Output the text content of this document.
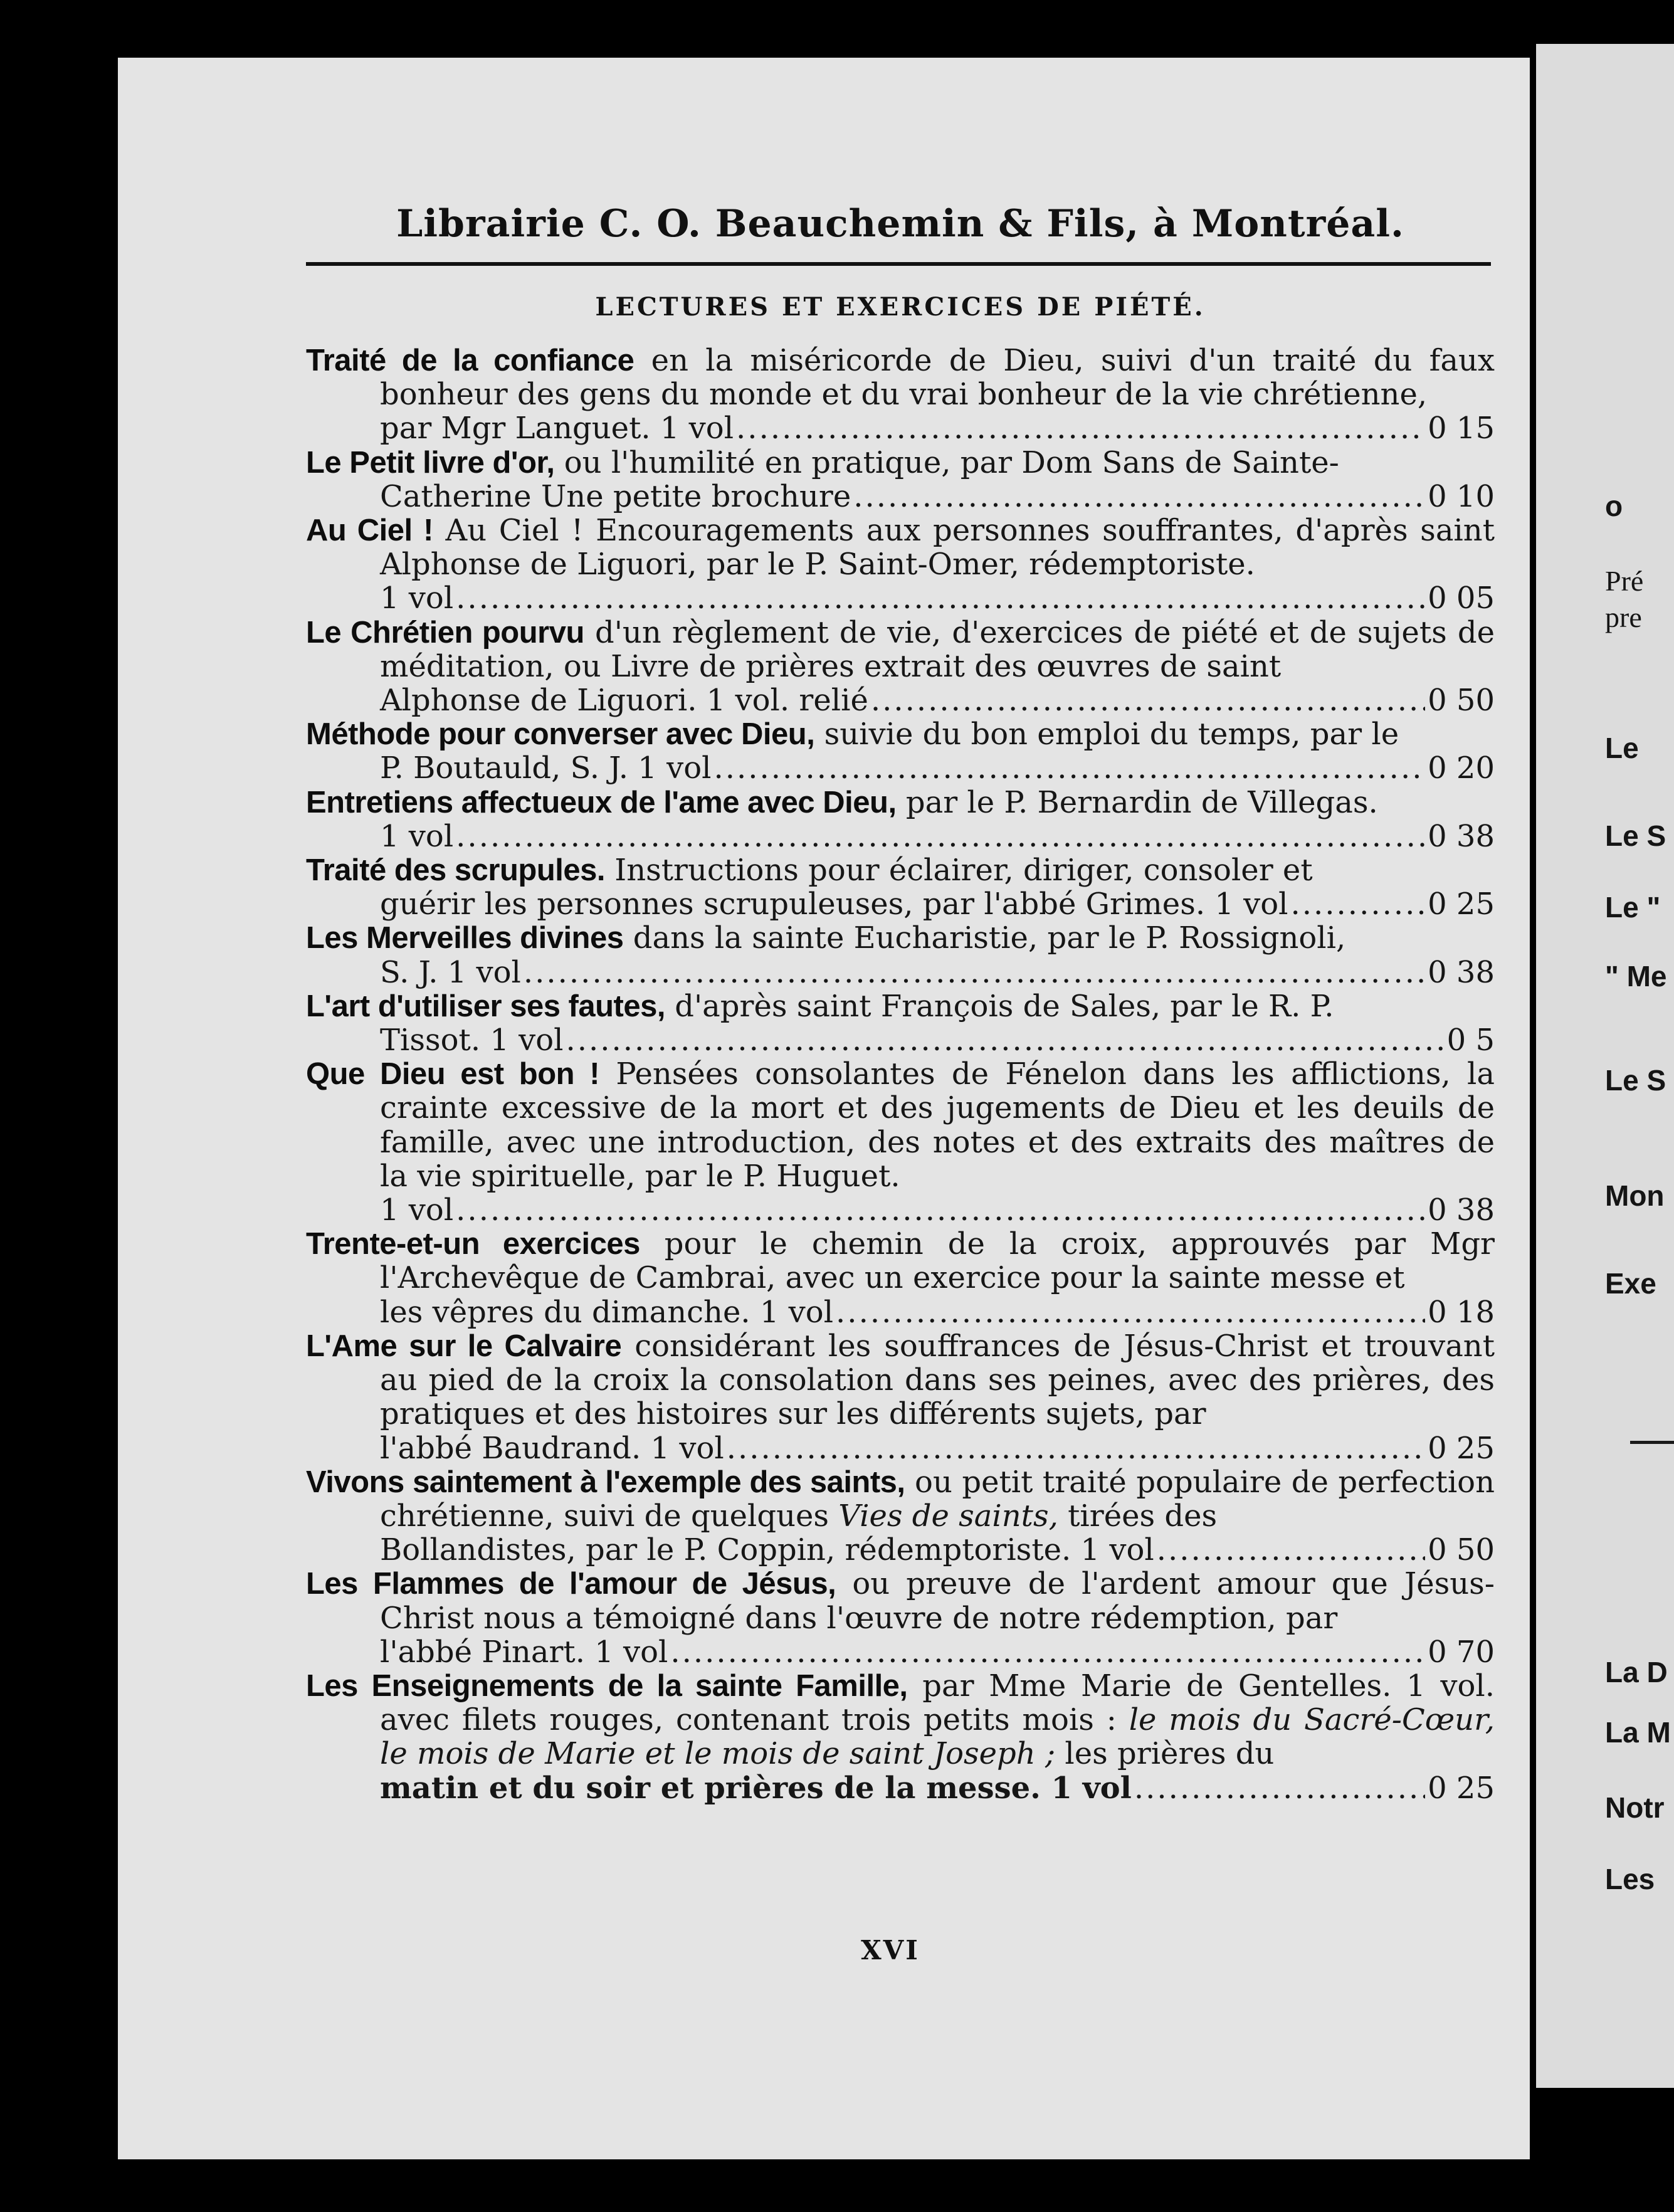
o
Pré
pre
Le
Le S
Le "
" Me
Le S
Mon
Exe
La D
La M
Notr
Les
Librairie C. O. Beauchemin & Fils, à Montréal.
LECTURES ET EXERCICES DE PIÉTÉ.
Traité de la confiance en la miséricorde de Dieu, suivi d'un traité du faux bonheur des gens du monde et du vrai bonheur de la vie chrétienne,
par Mgr Languet. 1 vol .....	0 15
Le Petit livre d'or, ou l'humilité en pratique, par Dom Sans de Sainte-
Catherine Une petite brochure .....	0 10
Au Ciel ! Au Ciel ! Encouragements aux personnes souffrantes, d'après saint Alphonse de Liguori, par le P. Saint-Omer, rédemptoriste.
1 vol .....	0 05
Le Chrétien pourvu d'un règlement de vie, d'exercices de piété et de sujets de méditation, ou Livre de prières extrait des œuvres de saint
Alphonse de Liguori. 1 vol. relié .....	0 50
Méthode pour converser avec Dieu, suivie du bon emploi du temps, par le
P. Boutauld, S. J. 1 vol .....	0 20
Entretiens affectueux de l'ame avec Dieu, par le P. Bernardin de Villegas.
1 vol .....	0 38
Traité des scrupules. Instructions pour éclairer, diriger, consoler et
guérir les personnes scrupuleuses, par l'abbé Grimes. 1 vol .....	0 25
Les Merveilles divines dans la sainte Eucharistie, par le P. Rossignoli,
S. J. 1 vol .....	0 38
L'art d'utiliser ses fautes, d'après saint François de Sales, par le R. P.
Tissot. 1 vol .....	0 5
Que Dieu est bon ! Pensées consolantes de Fénelon dans les afflictions, la crainte excessive de la mort et des jugements de Dieu et les deuils de famille, avec une introduction, des notes et des extraits des maîtres de la vie spirituelle, par le P. Huguet.
1 vol .....	0 38
Trente-et-un exercices pour le chemin de la croix, approuvés par Mgr l'Archevêque de Cambrai, avec un exercice pour la sainte messe et
les vêpres du dimanche. 1 vol .....	0 18
L'Ame sur le Calvaire considérant les souffrances de Jésus-Christ et trouvant au pied de la croix la consolation dans ses peines, avec des prières, des pratiques et des histoires sur les différents sujets, par
l'abbé Baudrand. 1 vol .....	0 25
Vivons saintement à l'exemple des saints, ou petit traité populaire de perfection chrétienne, suivi de quelques Vies de saints, tirées des
Bollandistes, par le P. Coppin, rédemptoriste. 1 vol .....	0 50
Les Flammes de l'amour de Jésus, ou preuve de l'ardent amour que Jésus-Christ nous a témoigné dans l'œuvre de notre rédemption, par
l'abbé Pinart. 1 vol .....	0 70
Les Enseignements de la sainte Famille, par Mme Marie de Gentelles. 1 vol. avec filets rouges, contenant trois petits mois : le mois du Sacré-Cœur, le mois de Marie et le mois de saint Joseph ; les prières du
matin et du soir et prières de la messe. 1 vol .....	0 25
XVI
